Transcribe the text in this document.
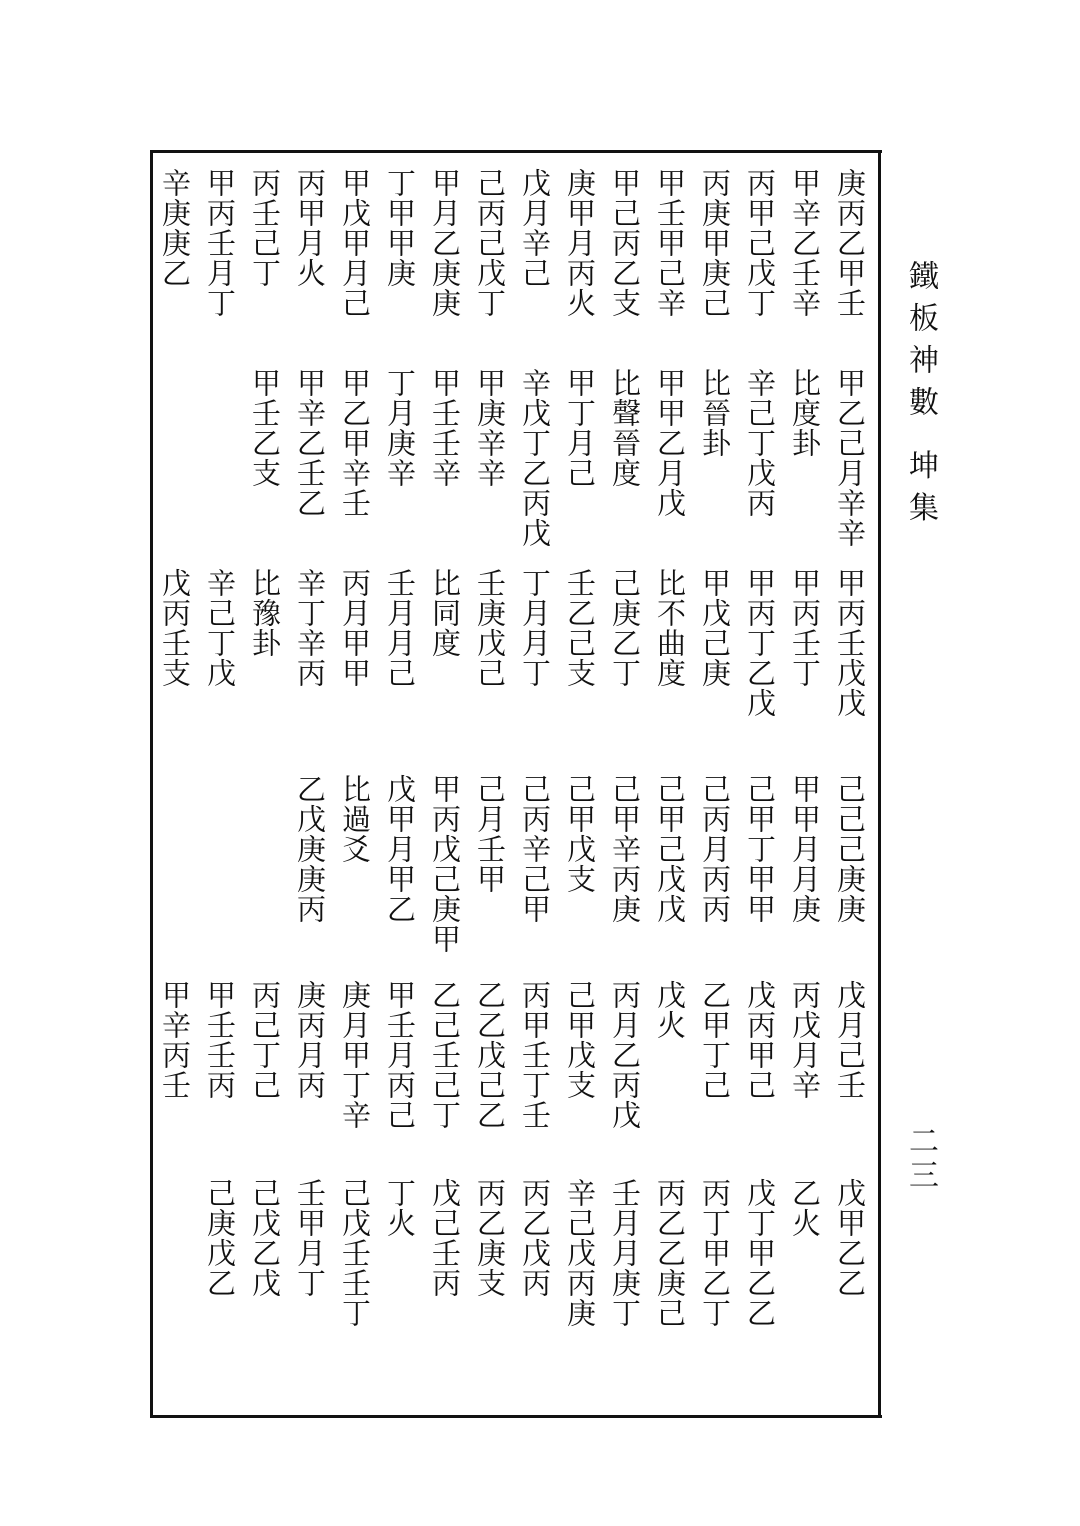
鐵板神數 坤集
二三
庚丙乙甲壬
甲乙己月辛辛
甲丙壬戊戊
己己己庚庚
戊月己壬
戊甲乙乙
甲辛乙壬辛
比度卦
甲丙壬丁
甲甲月月庚
丙戊月辛
乙火
丙甲己戊丁
辛己丁戊丙
甲丙丁乙戊
己甲丁甲甲
戊丙甲己
戊丁甲乙乙
丙庚甲庚己
比晉卦
甲戊己庚
己丙月丙丙
乙甲丁己
丙丁甲乙丁
甲壬甲己辛
甲甲乙月戊
比不曲度
己甲己戊戊
戊火
丙乙乙庚己
甲己丙乙支
比聲晉度
己庚乙丁
己甲辛丙庚
丙月乙丙戊
壬月月庚丁
庚甲月丙火
甲丁月己
壬乙己支
己甲戊支
己甲戊支
辛己戊丙庚
戊月辛己
辛戊丁乙丙戊
丁月月丁
己丙辛己甲
丙甲壬丁壬
丙乙戊丙
己丙己戊丁
甲庚辛辛
壬庚戊己
己月壬甲
乙乙戊己乙
丙乙庚支
甲月乙庚庚
甲壬壬辛
比同度
甲丙戊己庚甲
乙己壬己丁
戊己壬丙
丁甲甲庚
丁月庚辛
壬月月己
戊甲月甲乙
甲壬月丙己
丁火
甲戊甲月己
甲乙甲辛壬
丙月甲甲
比過爻
庚月甲丁辛
己戊壬壬丁
丙甲月火
甲辛乙壬乙
辛丁辛丙
乙戊庚庚丙
庚丙月丙
壬甲月丁
丙壬己丁
甲壬乙支
比豫卦
丙己丁己
己戊乙戊
甲丙壬月丁
辛己丁戊
甲壬壬丙
己庚戊乙
辛庚庚乙
戊丙壬支
甲辛丙壬
